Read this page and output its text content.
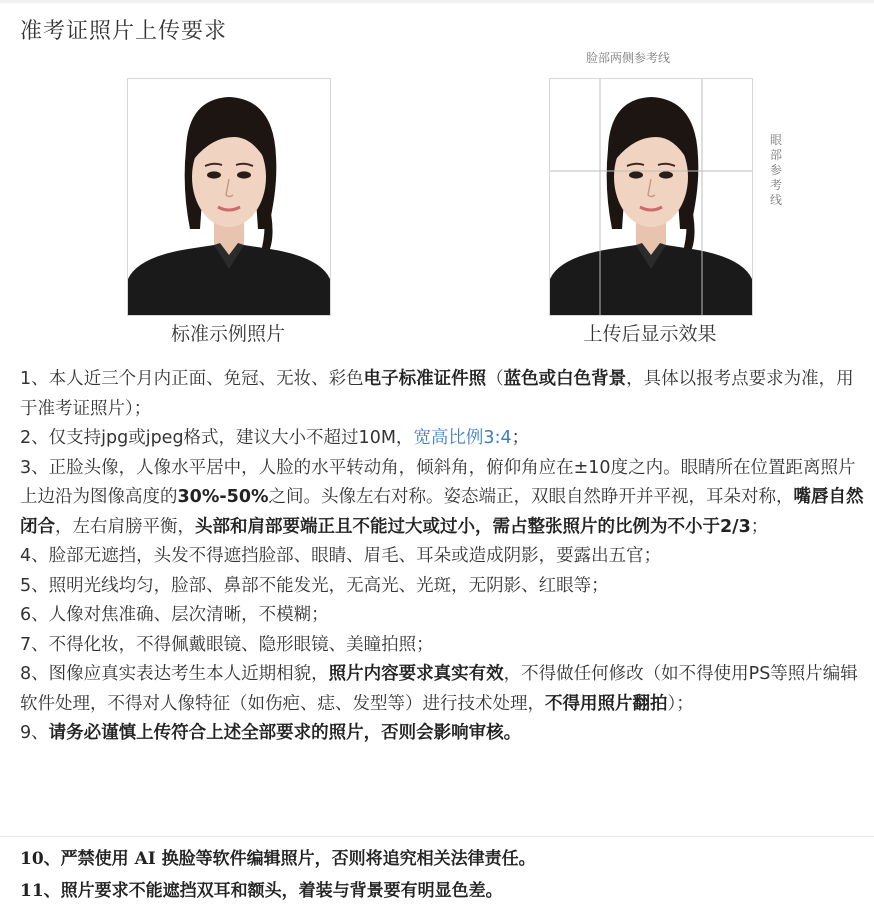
准考证照片上传要求
脸部两侧参考线
眼部参考线
标准示例照片	上传后显示效果

1、本人近三个月内正面、免冠、无妆、彩色电子标准证件照（蓝色或白色背景，具体以报考点要求为准，用于准考证照片）；

2、仅支持jpg或jpeg格式，建议大小不超过10M，宽高比例3:4；

3、正脸头像，人像水平居中，人脸的水平转动角，倾斜角，俯仰角应在±10度之内。眼睛所在位置距离照片上边沿为图像高度的30%-50%之间。头像左右对称。姿态端正，双眼自然睁开并平视，耳朵对称，嘴唇自然闭合，左右肩膀平衡，头部和肩部要端正且不能过大或过小，需占整张照片的比例为不小于2/3；

4、脸部无遮挡，头发不得遮挡脸部、眼睛、眉毛、耳朵或造成阴影，要露出五官；

5、照明光线均匀，脸部、鼻部不能发光，无高光、光斑，无阴影、红眼等；

6、人像对焦准确、层次清晰，不模糊；

7、不得化妆，不得佩戴眼镜、隐形眼镜、美瞳拍照；

8、图像应真实表达考生本人近期相貌，照片内容要求真实有效，不得做任何修改（如不得使用PS等照片编辑软件处理，不得对人像特征（如伤疤、痣、发型等）进行技术处理，不得用照片翻拍）；

9、请务必谨慎上传符合上述全部要求的照片，否则会影响审核。

10、严禁使用 AI 换脸等软件编辑照片，否则将追究相关法律责任。

11、照片要求不能遮挡双耳和额头，着装与背景要有明显色差。
